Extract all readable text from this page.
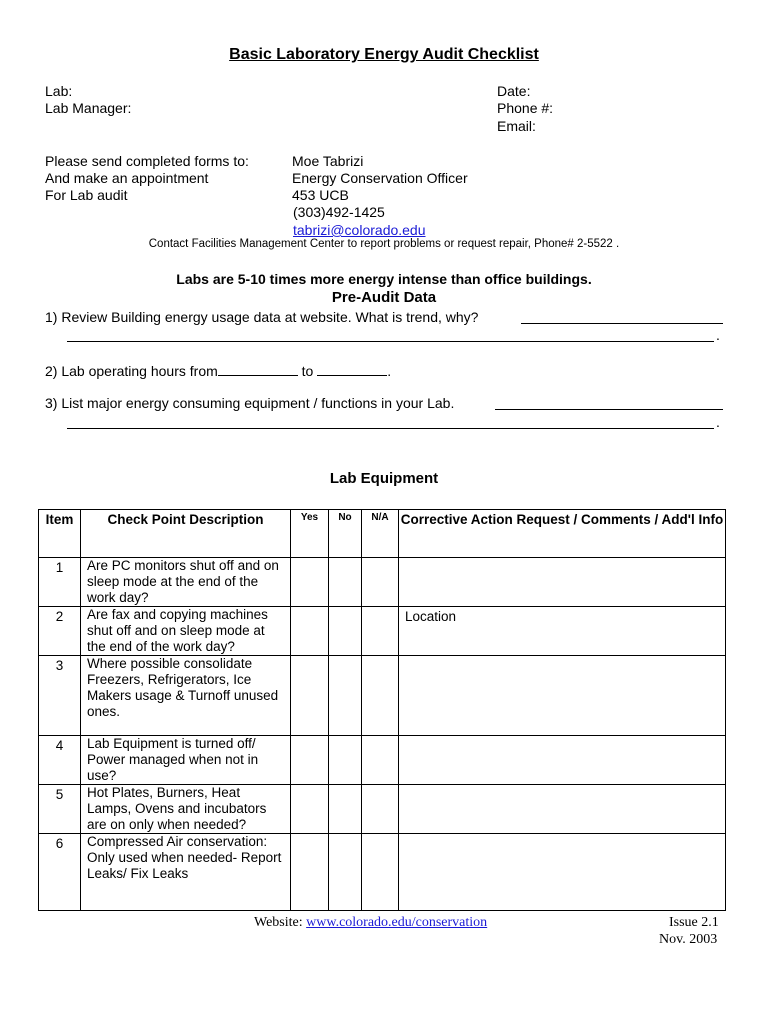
Basic Laboratory Energy Audit Checklist
Lab:
Lab Manager:
Date:
Phone #:
Email:
Please send completed forms to:
And make an appointment
For Lab audit
Moe Tabrizi
Energy Conservation Officer
453 UCB
(303)492-1425
tabrizi@colorado.edu
Contact Facilities Management Center to report problems or request repair, Phone# 2-5522 .
Labs are 5-10 times more energy intense than office buildings.
Pre-Audit Data
1) Review Building energy usage data at website. What is trend, why?
.
2) Lab operating hours from	to	.
3) List major energy consuming equipment / functions in your Lab.
.
Lab Equipment
Item	Check Point Description	Yes	No	N/A	Corrective Action Request / Comments / Add'l Info
1	Are PC monitors shut off and on sleep mode at the end of the work day?				
2	Are fax and copying machines shut off and on sleep mode at the end of the work day?				Location
3	Where possible consolidate Freezers, Refrigerators, Ice Makers usage & Turnoff unused ones.				
4	Lab Equipment is turned off/ Power managed when not in use?				
5	Hot Plates, Burners, Heat Lamps, Ovens and incubators are on only when needed?				
6	Compressed Air conservation: Only used when needed- Report Leaks/ Fix Leaks				
Website: www.colorado.edu/conservation	Issue 2.1
Nov. 2003
